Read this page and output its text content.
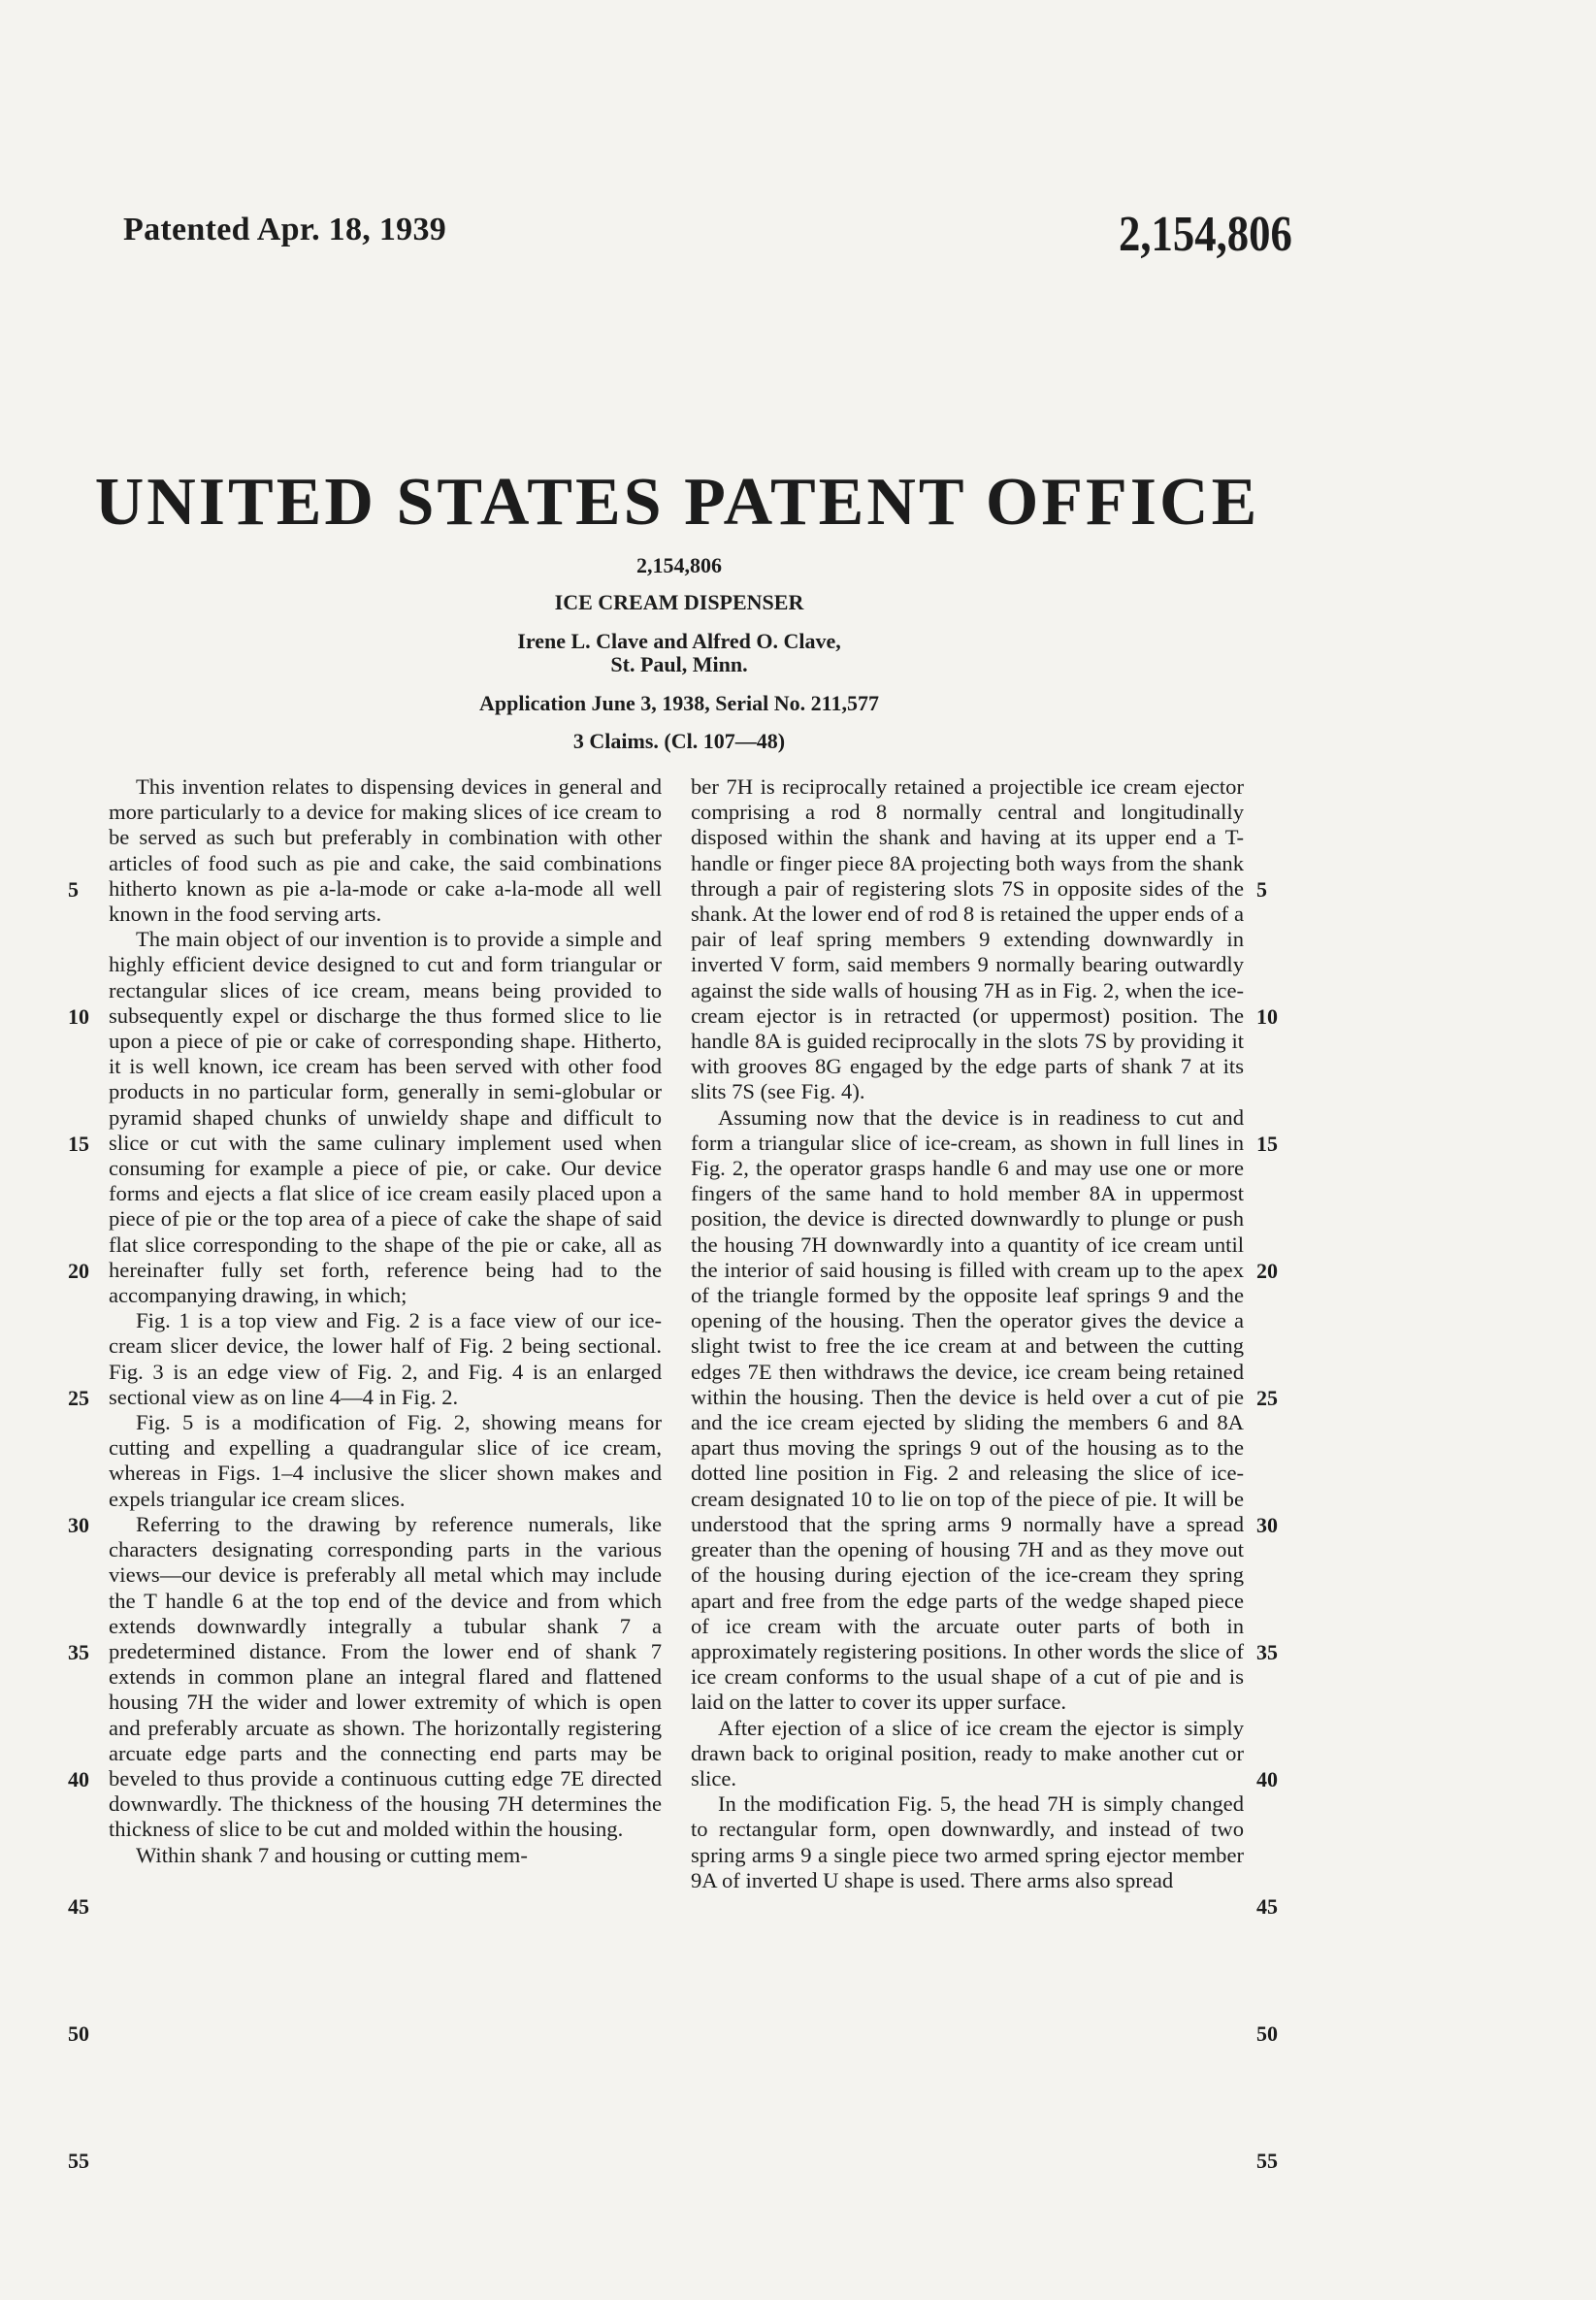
Patented Apr. 18, 1939	2,154,806
UNITED STATES PATENT OFFICE
2,154,806
ICE CREAM DISPENSER
Irene L. Clave and Alfred O. Clave,
St. Paul, Minn.
Application June 3, 1938, Serial No. 211,577
3 Claims. (Cl. 107—48)

This invention relates to dispensing devices in general and more particularly to a device for making slices of ice cream to be served as such but preferably in combination with other articles of food such as pie and cake, the said combinations hitherto known as pie a-la-mode or cake a-la-mode all well known in the food serving arts.

The main object of our invention is to provide a simple and highly efficient device designed to cut and form triangular or rectangular slices of ice cream, means being provided to subsequently expel or discharge the thus formed slice to lie upon a piece of pie or cake of corresponding shape. Hitherto, it is well known, ice cream has been served with other food products in no particular form, generally in semi-globular or pyramid shaped chunks of unwieldy shape and difficult to slice or cut with the same culinary implement used when consuming for example a piece of pie, or cake. Our device forms and ejects a flat slice of ice cream easily placed upon a piece of pie or the top area of a piece of cake the shape of said flat slice corresponding to the shape of the pie or cake, all as hereinafter fully set forth, reference being had to the accompanying drawing, in which;

Fig. 1 is a top view and Fig. 2 is a face view of our ice-cream slicer device, the lower half of Fig. 2 being sectional. Fig. 3 is an edge view of Fig. 2, and Fig. 4 is an enlarged sectional view as on line 4—4 in Fig. 2.

Fig. 5 is a modification of Fig. 2, showing means for cutting and expelling a quadrangular slice of ice cream, whereas in Figs. 1–4 inclusive the slicer shown makes and expels triangular ice cream slices.

Referring to the drawing by reference numerals, like characters designating corresponding parts in the various views—our device is preferably all metal which may include the T handle 6 at the top end of the device and from which extends downwardly integrally a tubular shank 7 a predetermined distance. From the lower end of shank 7 extends in common plane an integral flared and flattened housing 7H the wider and lower extremity of which is open and preferably arcuate as shown. The horizontally registering arcuate edge parts and the connecting end parts may be beveled to thus provide a continuous cutting edge 7E directed downwardly. The thickness of the housing 7H determines the thickness of slice to be cut and molded within the housing.

Within shank 7 and housing or cutting mem-

ber 7H is reciprocally retained a projectible ice cream ejector comprising a rod 8 normally central and longitudinally disposed within the shank and having at its upper end a T-handle or finger piece 8A projecting both ways from the shank through a pair of registering slots 7S in opposite sides of the shank. At the lower end of rod 8 is retained the upper ends of a pair of leaf spring members 9 extending downwardly in inverted V form, said members 9 normally bearing outwardly against the side walls of housing 7H as in Fig. 2, when the ice-cream ejector is in retracted (or uppermost) position. The handle 8A is guided reciprocally in the slots 7S by providing it with grooves 8G engaged by the edge parts of shank 7 at its slits 7S (see Fig. 4).

Assuming now that the device is in readiness to cut and form a triangular slice of ice-cream, as shown in full lines in Fig. 2, the operator grasps handle 6 and may use one or more fingers of the same hand to hold member 8A in uppermost position, the device is directed downwardly to plunge or push the housing 7H downwardly into a quantity of ice cream until the interior of said housing is filled with cream up to the apex of the triangle formed by the opposite leaf springs 9 and the opening of the housing. Then the operator gives the device a slight twist to free the ice cream at and between the cutting edges 7E then withdraws the device, ice cream being retained within the housing. Then the device is held over a cut of pie and the ice cream ejected by sliding the members 6 and 8A apart thus moving the springs 9 out of the housing as to the dotted line position in Fig. 2 and releasing the slice of ice-cream designated 10 to lie on top of the piece of pie. It will be understood that the spring arms 9 normally have a spread greater than the opening of housing 7H and as they move out of the housing during ejection of the ice-cream they spring apart and free from the edge parts of the wedge shaped piece of ice cream with the arcuate outer parts of both in approximately registering positions. In other words the slice of ice cream conforms to the usual shape of a cut of pie and is laid on the latter to cover its upper surface.

After ejection of a slice of ice cream the ejector is simply drawn back to original position, ready to make another cut or slice.

In the modification Fig. 5, the head 7H is simply changed to rectangular form, open downwardly, and instead of two spring arms 9 a single piece two armed spring ejector member 9A of inverted U shape is used. There arms also spread

5
10
15
20
25
30
35
40
45
50
55
5
10
15
20
25
30
35
40
45
50
55
